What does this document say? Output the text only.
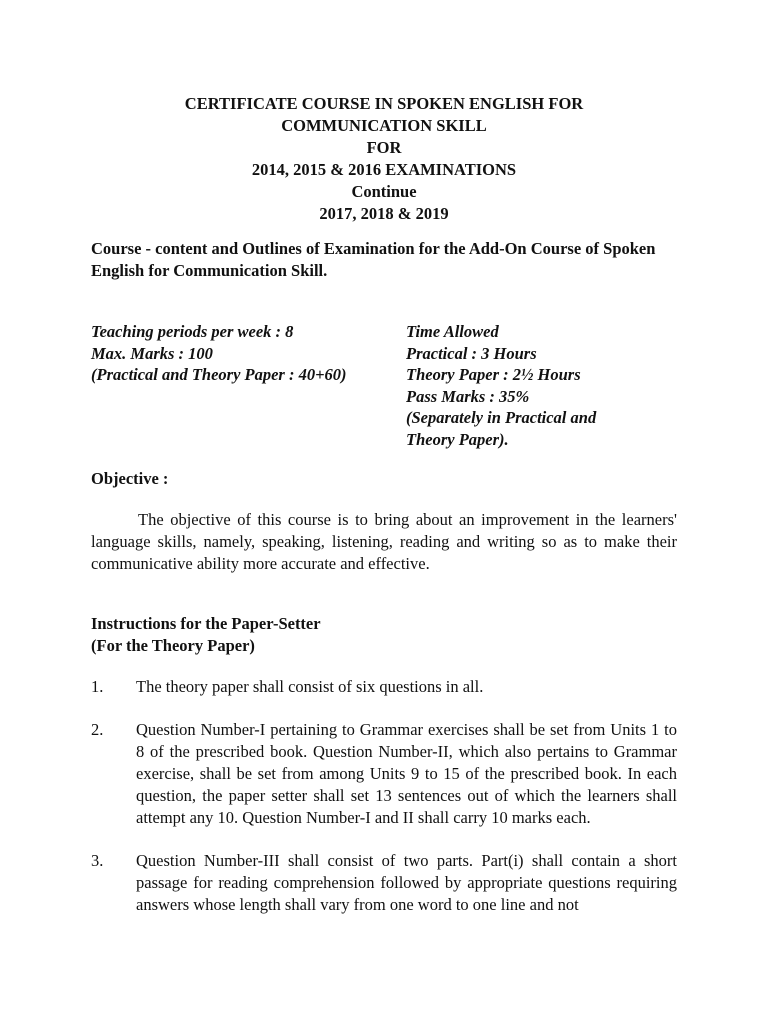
CERTIFICATE COURSE IN SPOKEN ENGLISH FOR
COMMUNICATION SKILL
FOR
2014, 2015 & 2016 EXAMINATIONS
Continue
2017, 2018 & 2019
Course - content and Outlines of Examination for the Add-On Course of Spoken English for Communication Skill.
Teaching periods per week : 8
Max. Marks : 100
(Practical and Theory Paper : 40+60)
Time Allowed
Practical : 3 Hours
Theory Paper : 2½ Hours
Pass Marks : 35%
(Separately in Practical and
Theory Paper).
Objective :
The objective of this course is to bring about an improvement in the learners' language skills, namely, speaking, listening, reading and writing so as to make their communicative ability more accurate and effective.
Instructions for the Paper-Setter
(For the Theory Paper)
1. The theory paper shall consist of six questions in all.
2. Question Number-I pertaining to Grammar exercises shall be set from Units 1 to 8 of the prescribed book. Question Number-II, which also pertains to Grammar exercise, shall be set from among Units 9 to 15 of the prescribed book. In each question, the paper setter shall set 13 sentences out of which the learners shall attempt any 10. Question Number-I and II shall carry 10 marks each.
3. Question Number-III shall consist of two parts. Part(i) shall contain a short passage for reading comprehension followed by appropriate questions requiring answers whose length shall vary from one word to one line and not
